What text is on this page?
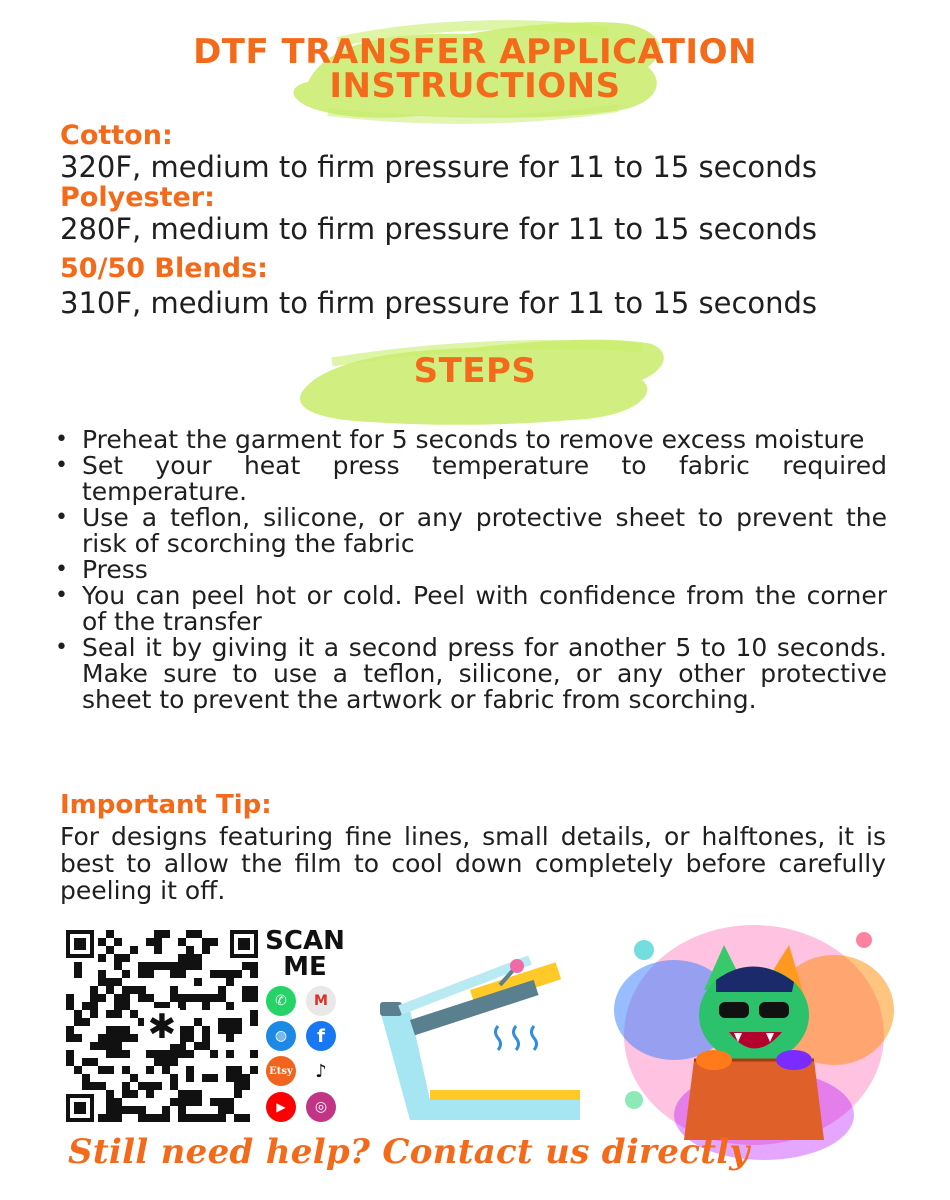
DTF TRANSFER APPLICATION
INSTRUCTIONS
Cotton:
320F, medium to firm pressure for 11 to 15 seconds
Polyester:
280F, medium to firm pressure for 11 to 15 seconds
50/50 Blends:
310F, medium to firm pressure for 11 to 15 seconds
STEPS
• Preheat the garment for 5 seconds to remove excess moisture
• Set your heat press temperature to fabric required temperature.
• Use a teflon, silicone, or any protective sheet to prevent the risk of scorching the fabric
• Press
• You can peel hot or cold. Peel with confidence from the corner of the transfer
• Seal it by giving it a second press for another 5 to 10 seconds. Make sure to use a teflon, silicone, or any other protective sheet to prevent the artwork or fabric from scorching.
Important Tip:
For designs featuring fine lines, small details, or halftones, it is best to allow the film to cool down completely before carefully peeling it off.
✱
SCAN
ME
✆	M
◍	f
Etsy	♪
▶	◎
Still need help? Contact us directly
